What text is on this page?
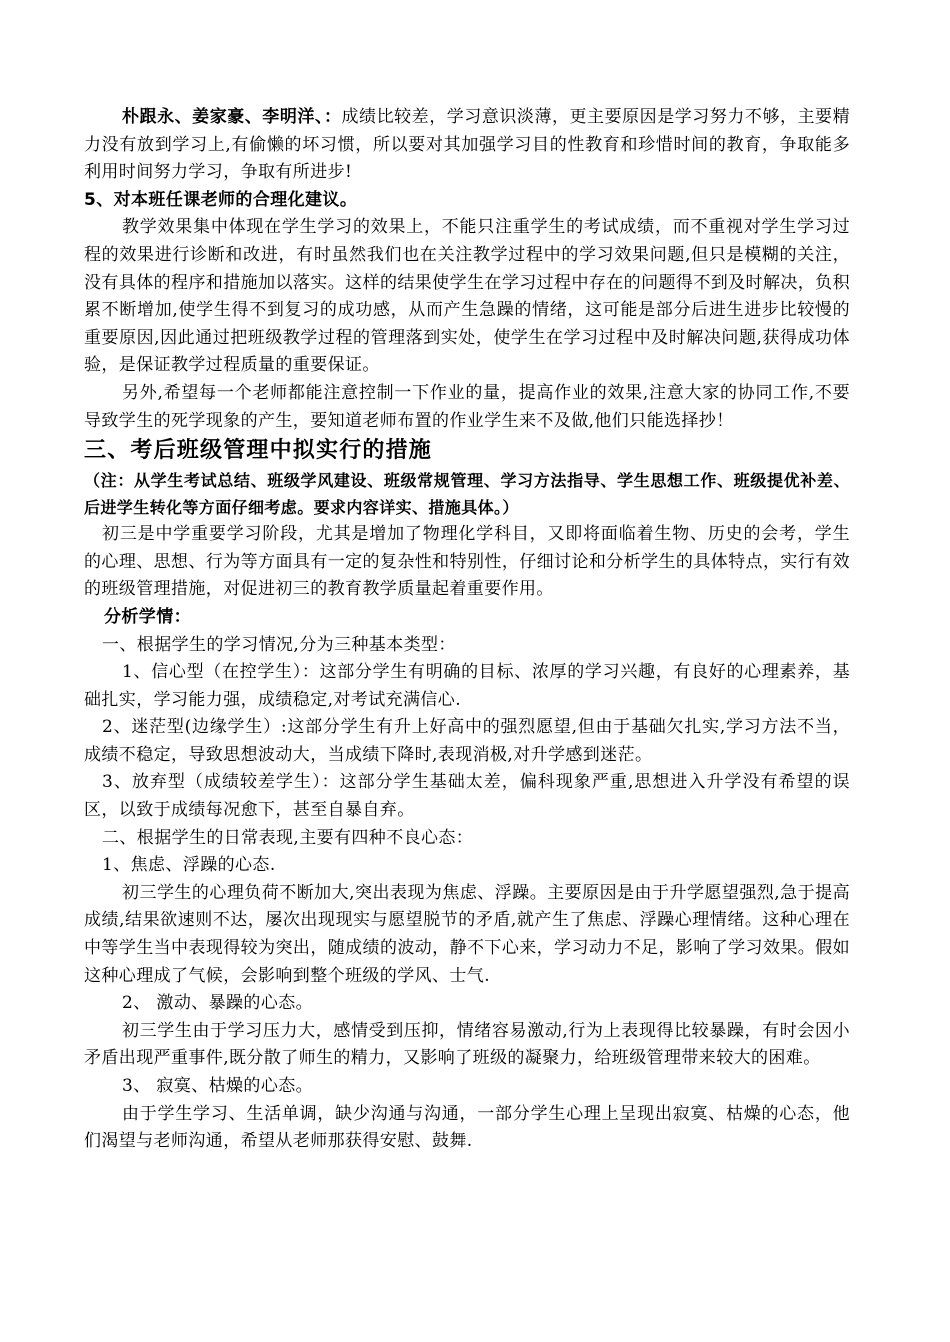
朴跟永、姜家豪、李明洋、：成绩比较差，学习意识淡薄，更主要原因是学习努力不够，主要精力没有放到学习上,有偷懒的坏习惯，所以要对其加强学习目的性教育和珍惜时间的教育，争取能多利用时间努力学习，争取有所进步!

5、对本班任课老师的合理化建议。

教学效果集中体现在学生学习的效果上，不能只注重学生的考试成绩，而不重视对学生学习过程的效果进行诊断和改进，有时虽然我们也在关注教学过程中的学习效果问题,但只是模糊的关注，没有具体的程序和措施加以落实。这样的结果使学生在学习过程中存在的问题得不到及时解决，负积累不断增加,使学生得不到复习的成功感，从而产生急躁的情绪，这可能是部分后进生进步比较慢的重要原因,因此通过把班级教学过程的管理落到实处，使学生在学习过程中及时解决问题,获得成功体验，是保证教学过程质量的重要保证。

另外,希望每一个老师都能注意控制一下作业的量，提高作业的效果,注意大家的协同工作,不要导致学生的死学现象的产生，要知道老师布置的作业学生来不及做,他们只能选择抄！

三、考后班级管理中拟实行的措施

（注：从学生考试总结、班级学风建设、班级常规管理、学习方法指导、学生思想工作、班级提优补差、后进学生转化等方面仔细考虑。要求内容详实、措施具体。）

初三是中学重要学习阶段，尤其是增加了物理化学科目，又即将面临着生物、历史的会考，学生的心理、思想、行为等方面具有一定的复杂性和特别性，仔细讨论和分析学生的具体特点，实行有效的班级管理措施，对促进初三的教育教学质量起着重要作用。

分析学情：

一、根据学生的学习情况,分为三种基本类型：

1、信心型（在控学生）：这部分学生有明确的目标、浓厚的学习兴趣，有良好的心理素养，基础扎实，学习能力强，成绩稳定,对考试充满信心.

2、迷茫型(边缘学生）:这部分学生有升上好高中的强烈愿望,但由于基础欠扎实,学习方法不当，成绩不稳定，导致思想波动大，当成绩下降时,表现消极,对升学感到迷茫。

3、放弃型（成绩较差学生）：这部分学生基础太差，偏科现象严重,思想进入升学没有希望的误区，以致于成绩每况愈下，甚至自暴自弃。

二、根据学生的日常表现,主要有四种不良心态：

1、焦虑、浮躁的心态.

初三学生的心理负荷不断加大,突出表现为焦虑、浮躁。主要原因是由于升学愿望强烈,急于提高成绩,结果欲速则不达，屡次出现现实与愿望脱节的矛盾,就产生了焦虑、浮躁心理情绪。这种心理在中等学生当中表现得较为突出，随成绩的波动，静不下心来，学习动力不足，影响了学习效果。假如这种心理成了气候，会影响到整个班级的学风、士气.

2、 激动、暴躁的心态。

初三学生由于学习压力大，感情受到压抑，情绪容易激动,行为上表现得比较暴躁，有时会因小矛盾出现严重事件,既分散了师生的精力，又影响了班级的凝聚力，给班级管理带来较大的困难。

3、 寂寞、枯燥的心态。

由于学生学习、生活单调，缺少沟通与沟通，一部分学生心理上呈现出寂寞、枯燥的心态，他们渴望与老师沟通，希望从老师那获得安慰、鼓舞.
